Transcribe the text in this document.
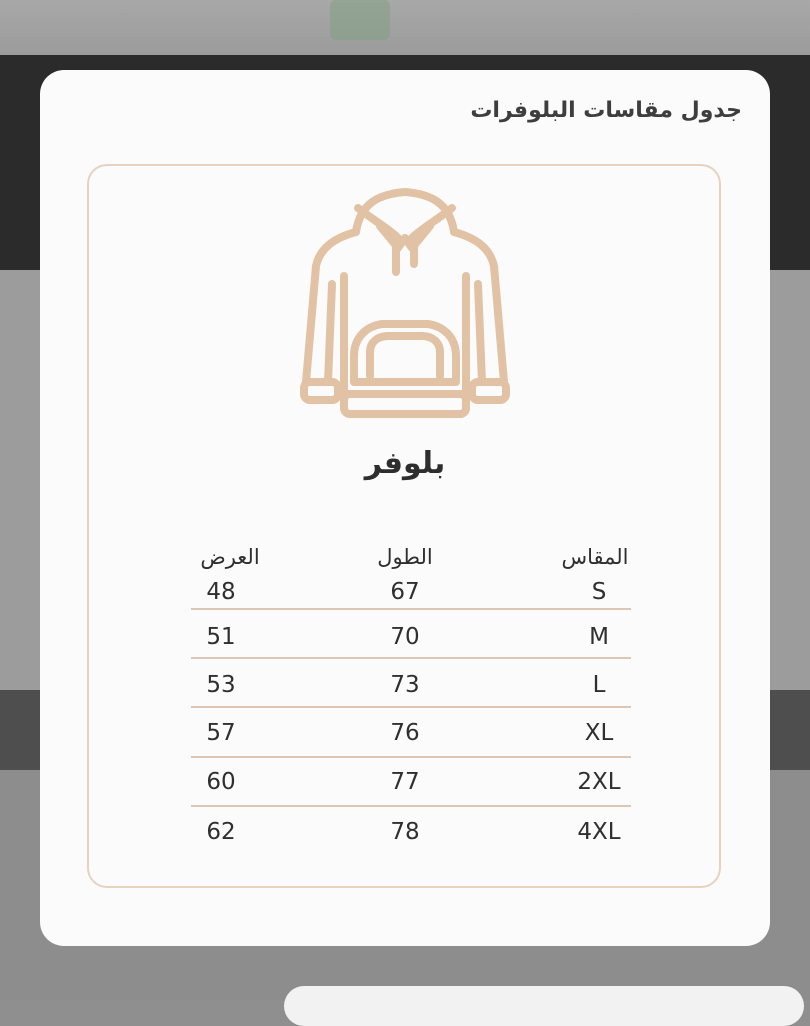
جدول مقاسات البلوفرات
بلوفر
العرض	الطول	المقاس
48	67	S
51	70	M
53	73	L
57	76	XL
60	77	2XL
62	78	4XL
